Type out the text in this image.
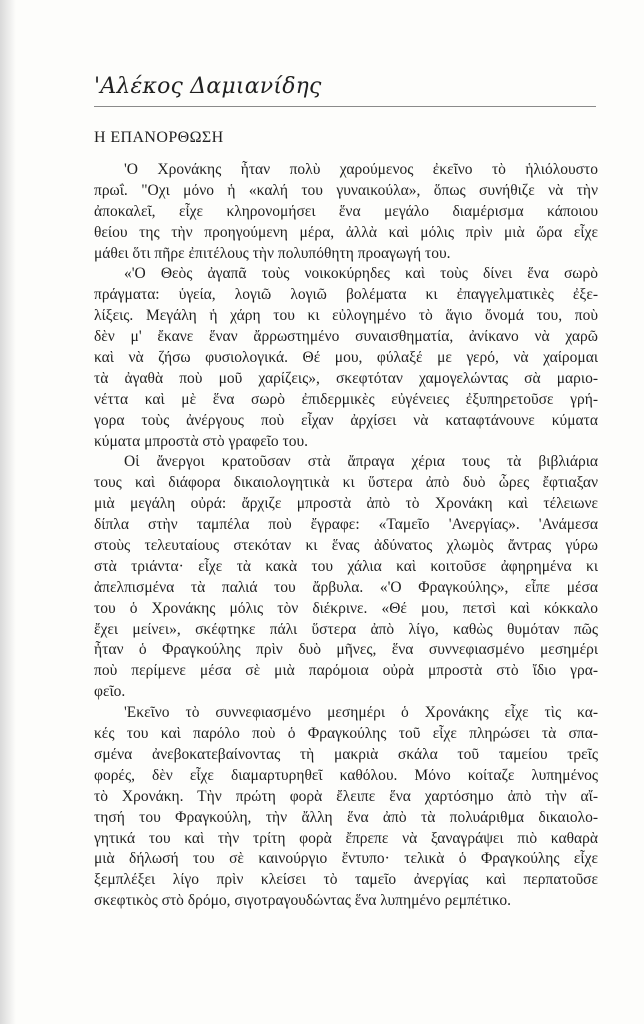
'Αλέκος Δαμιανίδης
Η ΕΠΑΝΟΡΘΩΣΗ

'Ο Χρονάκης ἦταν πολὺ χαρούμενος ἐκεῖνο τὸ ἡλιόλουστο
πρωΐ. "Οχι μόνο ἡ «καλή του γυναικούλα», ὅπως συνήθιζε νὰ τὴν
ἀποκαλεῖ, εἶχε κληρονομήσει ἕνα μεγάλο διαμέρισμα κάποιου
θείου της τὴν προηγούμενη μέρα, ἀλλὰ καὶ μόλις πρὶν μιὰ ὥρα εἶχε
μάθει ὅτι πῆρε ἐπιτέλους τὴν πολυπόθητη προαγωγή του.

«'Ο Θεὸς ἀγαπᾶ τοὺς νοικοκύρηδες καὶ τοὺς δίνει ἕνα σωρὸ
πράγματα: ὑγεία, λογιῶ λογιῶ βολέματα κι ἐπαγγελματικὲς ἐξε-
λίξεις. Μεγάλη ἡ χάρη του κι εὐλογημένο τὸ ἅγιο ὄνομά του, ποὺ
δὲν μ' ἔκανε ἕναν ἄρρωστημένο συναισθηματία, ἀνίκανο νὰ χαρῶ
καὶ νὰ ζήσω φυσιολογικά. Θέ μου, φύλαξέ με γερό, νὰ χαίρομαι
τὰ ἀγαθὰ ποὺ μοῦ χαρίζεις», σκεφτόταν χαμογελώντας σὰ μαριο-
νέττα καὶ μὲ ἕνα σωρὸ ἐπιδερμικὲς εὐγένειες ἐξυπηρετοῦσε γρή-
γορα τοὺς ἀνέργους ποὺ εἶχαν ἀρχίσει νὰ καταφτάνουνε κύματα
κύματα μπροστὰ στὸ γραφεῖο του.

Οἱ ἄνεργοι κρατοῦσαν στὰ ἄπραγα χέρια τους τὰ βιβλιάρια
τους καὶ διάφορα δικαιολογητικὰ κι ὕστερα ἀπὸ δυὸ ὧρες ἔφτιαξαν
μιὰ μεγάλη οὐρά: ἄρχιζε μπροστὰ ἀπὸ τὸ Χρονάκη καὶ τέλειωνε
δίπλα στὴν ταμπέλα ποὺ ἔγραφε: «Ταμεῖο 'Ανεργίας». 'Ανάμεσα
στοὺς τελευταίους στεκόταν κι ἕνας ἀδύνατος χλωμὸς ἄντρας γύρω
στὰ τριάντα· εἶχε τὰ κακὰ του χάλια καὶ κοιτοῦσε ἀφηρημένα κι
ἀπελπισμένα τὰ παλιά του ἄρβυλα. «'Ο Φραγκούλης», εἶπε μέσα
του ὁ Χρονάκης μόλις τὸν διέκρινε. «Θέ μου, πετσὶ καὶ κόκκαλο
ἔχει μείνει», σκέφτηκε πάλι ὕστερα ἀπὸ λίγο, καθὼς θυμόταν πῶς
ἦταν ὁ Φραγκούλης πρὶν δυὸ μῆνες, ἕνα συννεφιασμένο μεσημέρι
ποὺ περίμενε μέσα σὲ μιὰ παρόμοια οὐρὰ μπροστὰ στὸ ἴδιο γρα-
φεῖο.

'Εκεῖνο τὸ συννεφιασμένο μεσημέρι ὁ Χρονάκης εἶχε τὶς κα-
κές του καὶ παρόλο ποὺ ὁ Φραγκούλης τοῦ εἶχε πληρώσει τὰ σπα-
σμένα ἀνεβοκατεβαίνοντας τὴ μακριὰ σκάλα τοῦ ταμείου τρεῖς
φορές, δὲν εἶχε διαμαρτυρηθεῖ καθόλου. Μόνο κοίταζε λυπημένος
τὸ Χρονάκη. Τὴν πρώτη φορὰ ἔλειπε ἕνα χαρτόσημο ἀπὸ τὴν αἴ-
τησή του Φραγκούλη, τὴν ἄλλη ἕνα ἀπὸ τὰ πολυάριθμα δικαιολο-
γητικά του καὶ τὴν τρίτη φορὰ ἔπρεπε νὰ ξαναγράψει πιὸ καθαρὰ
μιὰ δήλωσή του σὲ καινούργιο ἔντυπο· τελικὰ ὁ Φραγκούλης εἶχε
ξεμπλέξει λίγο πρὶν κλείσει τὸ ταμεῖο ἀνεργίας καὶ περπατοῦσε
σκεφτικὸς στὸ δρόμο, σιγοτραγουδώντας ἕνα λυπημένο ρεμπέτικο.
